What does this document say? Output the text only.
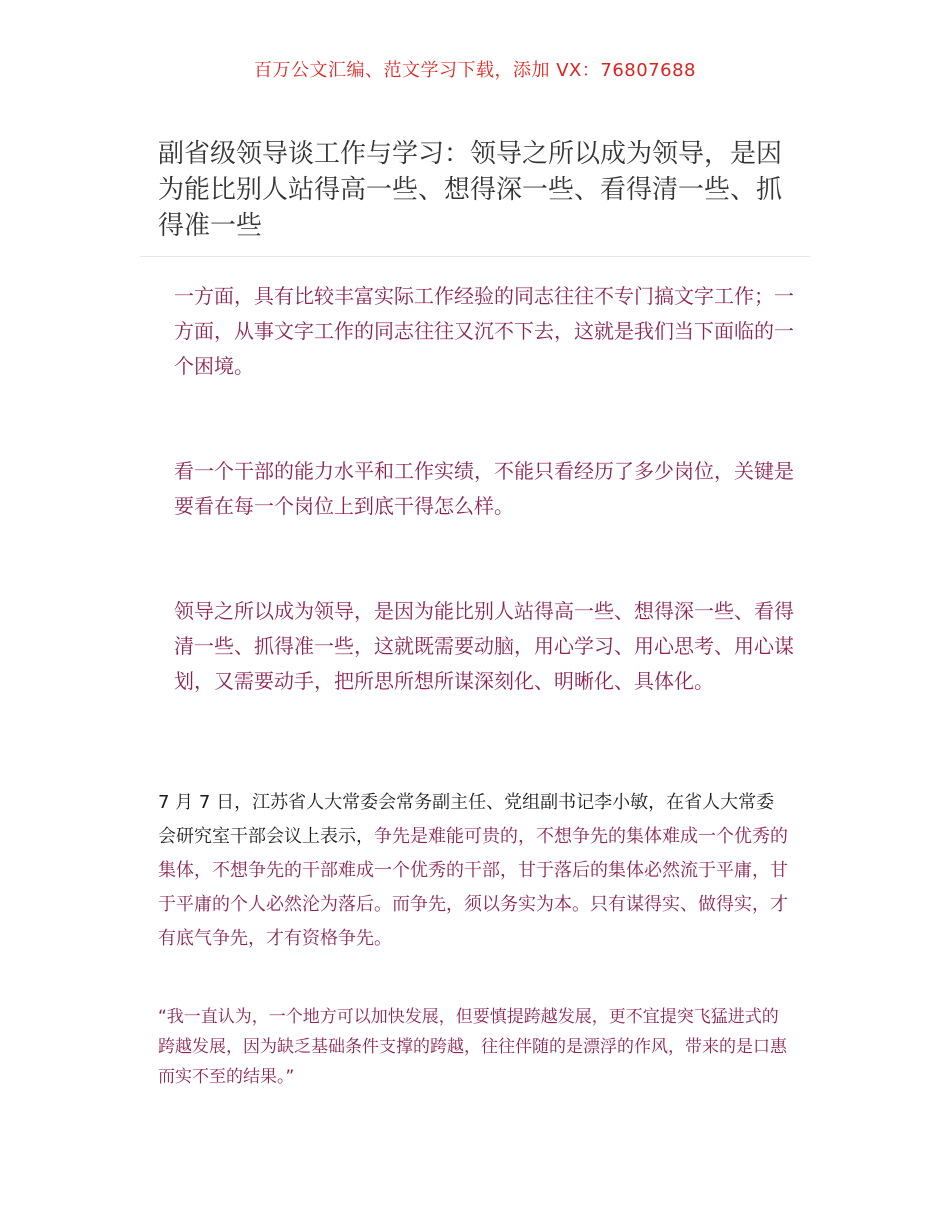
百万公文汇编、范文学习下载，添加 VX：76807688
副省级领导谈工作与学习：领导之所以成为领导，是因为能比别人站得高一些、想得深一些、看得清一些、抓得准一些

一方面，具有比较丰富实际工作经验的同志往往不专门搞文字工作；一方面，从事文字工作的同志往往又沉不下去，这就是我们当下面临的一个困境。

看一个干部的能力水平和工作实绩，不能只看经历了多少岗位，关键是要看在每一个岗位上到底干得怎么样。

领导之所以成为领导，是因为能比别人站得高一些、想得深一些、看得清一些、抓得准一些，这就既需要动脑，用心学习、用心思考、用心谋划，又需要动手，把所思所想所谋深刻化、明晰化、具体化。

7 月 7 日，江苏省人大常委会常务副主任、党组副书记李小敏，在省人大常委会研究室干部会议上表示，争先是难能可贵的，不想争先的集体难成一个优秀的集体，不想争先的干部难成一个优秀的干部，甘于落后的集体必然流于平庸，甘于平庸的个人必然沦为落后。而争先，须以务实为本。只有谋得实、做得实，才有底气争先，才有资格争先。

“我一直认为，一个地方可以加快发展，但要慎提跨越发展，更不宜提突飞猛进式的跨越发展，因为缺乏基础条件支撑的跨越，往往伴随的是漂浮的作风，带来的是口惠而实不至的结果。”
